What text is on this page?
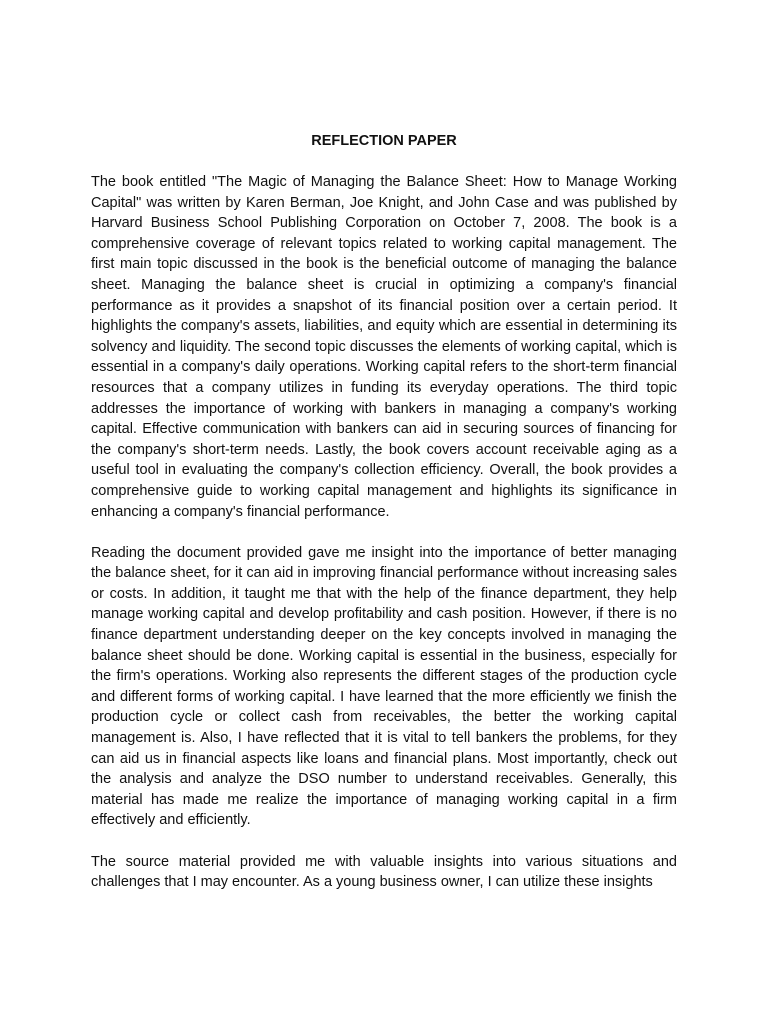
REFLECTION PAPER

The book entitled "The Magic of Managing the Balance Sheet: How to Manage Working Capital" was written by Karen Berman, Joe Knight, and John Case and was published by Harvard Business School Publishing Corporation on October 7, 2008. The book is a comprehensive coverage of relevant topics related to working capital management. The first main topic discussed in the book is the beneficial outcome of managing the balance sheet. Managing the balance sheet is crucial in optimizing a company's financial performance as it provides a snapshot of its financial position over a certain period. It highlights the company's assets, liabilities, and equity which are essential in determining its solvency and liquidity. The second topic discusses the elements of working capital, which is essential in a company's daily operations. Working capital refers to the short-term financial resources that a company utilizes in funding its everyday operations. The third topic addresses the importance of working with bankers in managing a company's working capital. Effective communication with bankers can aid in securing sources of financing for the company's short-term needs. Lastly, the book covers account receivable aging as a useful tool in evaluating the company's collection efficiency. Overall, the book provides a comprehensive guide to working capital management and highlights its significance in enhancing a company's financial performance.

Reading the document provided gave me insight into the importance of better managing the balance sheet, for it can aid in improving financial performance without increasing sales or costs. In addition, it taught me that with the help of the finance department, they help manage working capital and develop profitability and cash position. However, if there is no finance department understanding deeper on the key concepts involved in managing the balance sheet should be done. Working capital is essential in the business, especially for the firm's operations. Working also represents the different stages of the production cycle and different forms of working capital. I have learned that the more efficiently we finish the production cycle or collect cash from receivables, the better the working capital management is. Also, I have reflected that it is vital to tell bankers the problems, for they can aid us in financial aspects like loans and financial plans. Most importantly, check out the analysis and analyze the DSO number to understand receivables. Generally, this material has made me realize the importance of managing working capital in a firm effectively and efficiently.

The source material provided me with valuable insights into various situations and challenges that I may encounter. As a young business owner, I can utilize these insights
